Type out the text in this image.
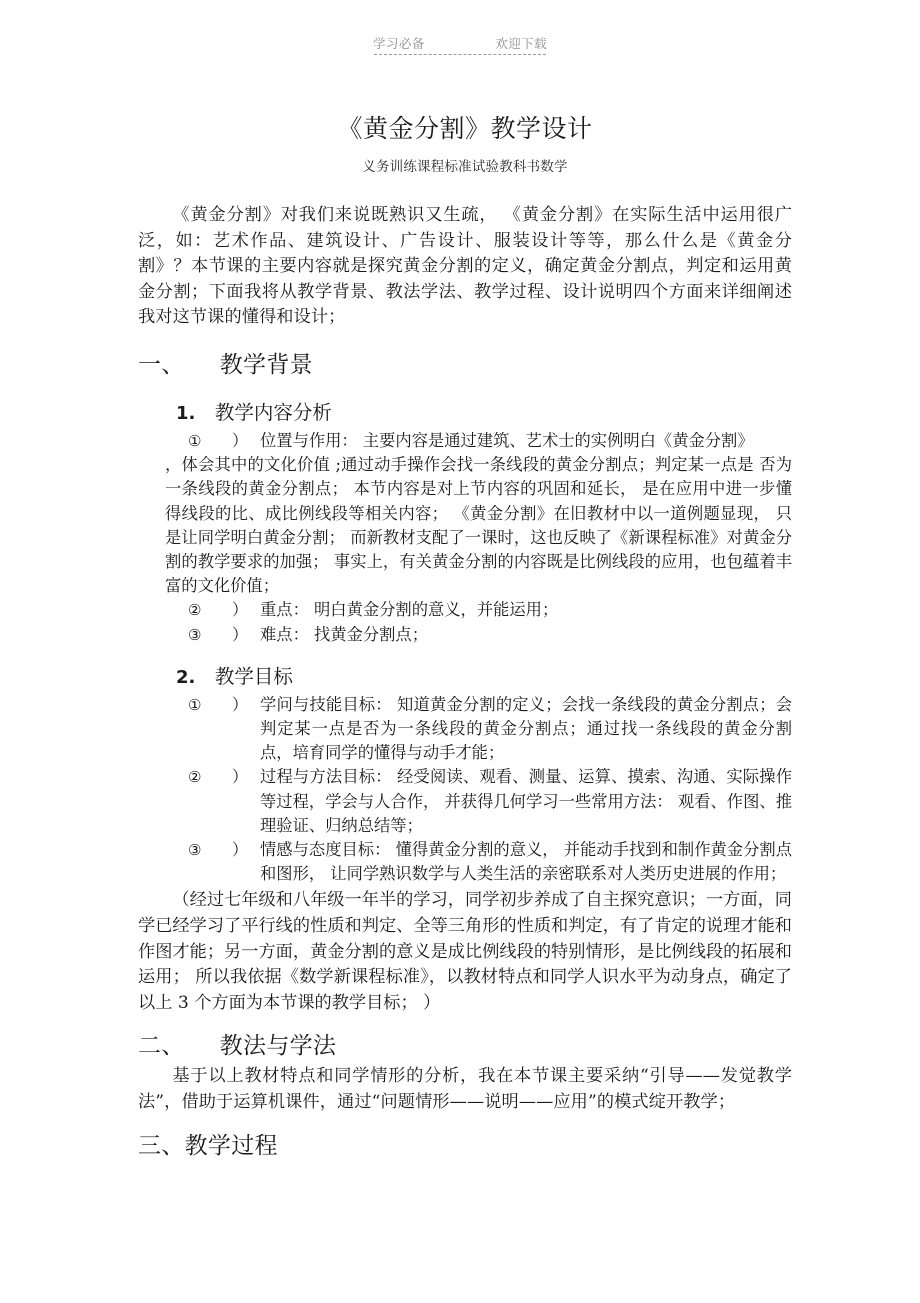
学习必备	欢迎下载
《黄金分割》教学设计
义务训练课程标准试验教科书数学

《黄金分割》对我们来说既熟识又生疏， 《黄金分割》在实际生活中运用很广泛，如：艺术作品、建筑设计、广告设计、服装设计等等，那么什么是《黄金分割》？本节课的主要内容就是探究黄金分割的定义，确定黄金分割点，判定和运用黄金分割；下面我将从教学背景、教法学法、教学过程、设计说明四个方面来详细阐述我对这节课的懂得和设计；

一、　　 教学背景
1.　 教学内容分析
① ） 位置与作用： 主要内容是通过建筑、艺术士的实例明白《黄金分割》

，体会其中的文化价值 ;通过动手操作会找一条线段的黄金分割点；判定某一点是 否为一条线段的黄金分割点； 本节内容是对上节内容的巩固和延长， 是在应用中进一步懂得线段的比、成比例线段等相关内容； 《黄金分割》在旧教材中以一道例题显现， 只是让同学明白黄金分割； 而新教材支配了一课时，这也反映了《新课程标准》对黄金分割的教学要求的加强； 事实上，有关黄金分割的内容既是比例线段的应用，也包蕴着丰富的文化价值；

② ） 重点： 明白黄金分割的意义，并能运用；
③ ） 难点： 找黄金分割点；
2.　 教学目标
① ） 学问与技能目标： 知道黄金分割的定义；会找一条线段的黄金分割点；会判定某一点是否为一条线段的黄金分割点；通过找一条线段的黄金分割点，培育同学的懂得与动手才能；
② ） 过程与方法目标： 经受阅读、观看、测量、运算、摸索、沟通、实际操作等过程，学会与人合作， 并获得几何学习一些常用方法： 观看、作图、推理验证、归纳总结等；
③ ） 情感与态度目标： 懂得黄金分割的意义， 并能动手找到和制作黄金分割点和图形， 让同学熟识数学与人类生活的亲密联系对人类历史进展的作用；

（经过七年级和八年级一年半的学习，同学初步养成了自主探究意识；一方面，同学已经学习了平行线的性质和判定、全等三角形的性质和判定，有了肯定的说理才能和作图才能；另一方面，黄金分割的意义是成比例线段的特别情形，是比例线段的拓展和运用； 所以我依据《数学新课程标准》，以教材特点和同学人识水平为动身点，确定了以上 3 个方面为本节课的教学目标； ）

二、　　 教法与学法

基于以上教材特点和同学情形的分析，我在本节课主要采纳“引导——发觉教学法”，借助于运算机课件，通过“问题情形——说明——应用”的模式绽开教学；

三、教学过程
